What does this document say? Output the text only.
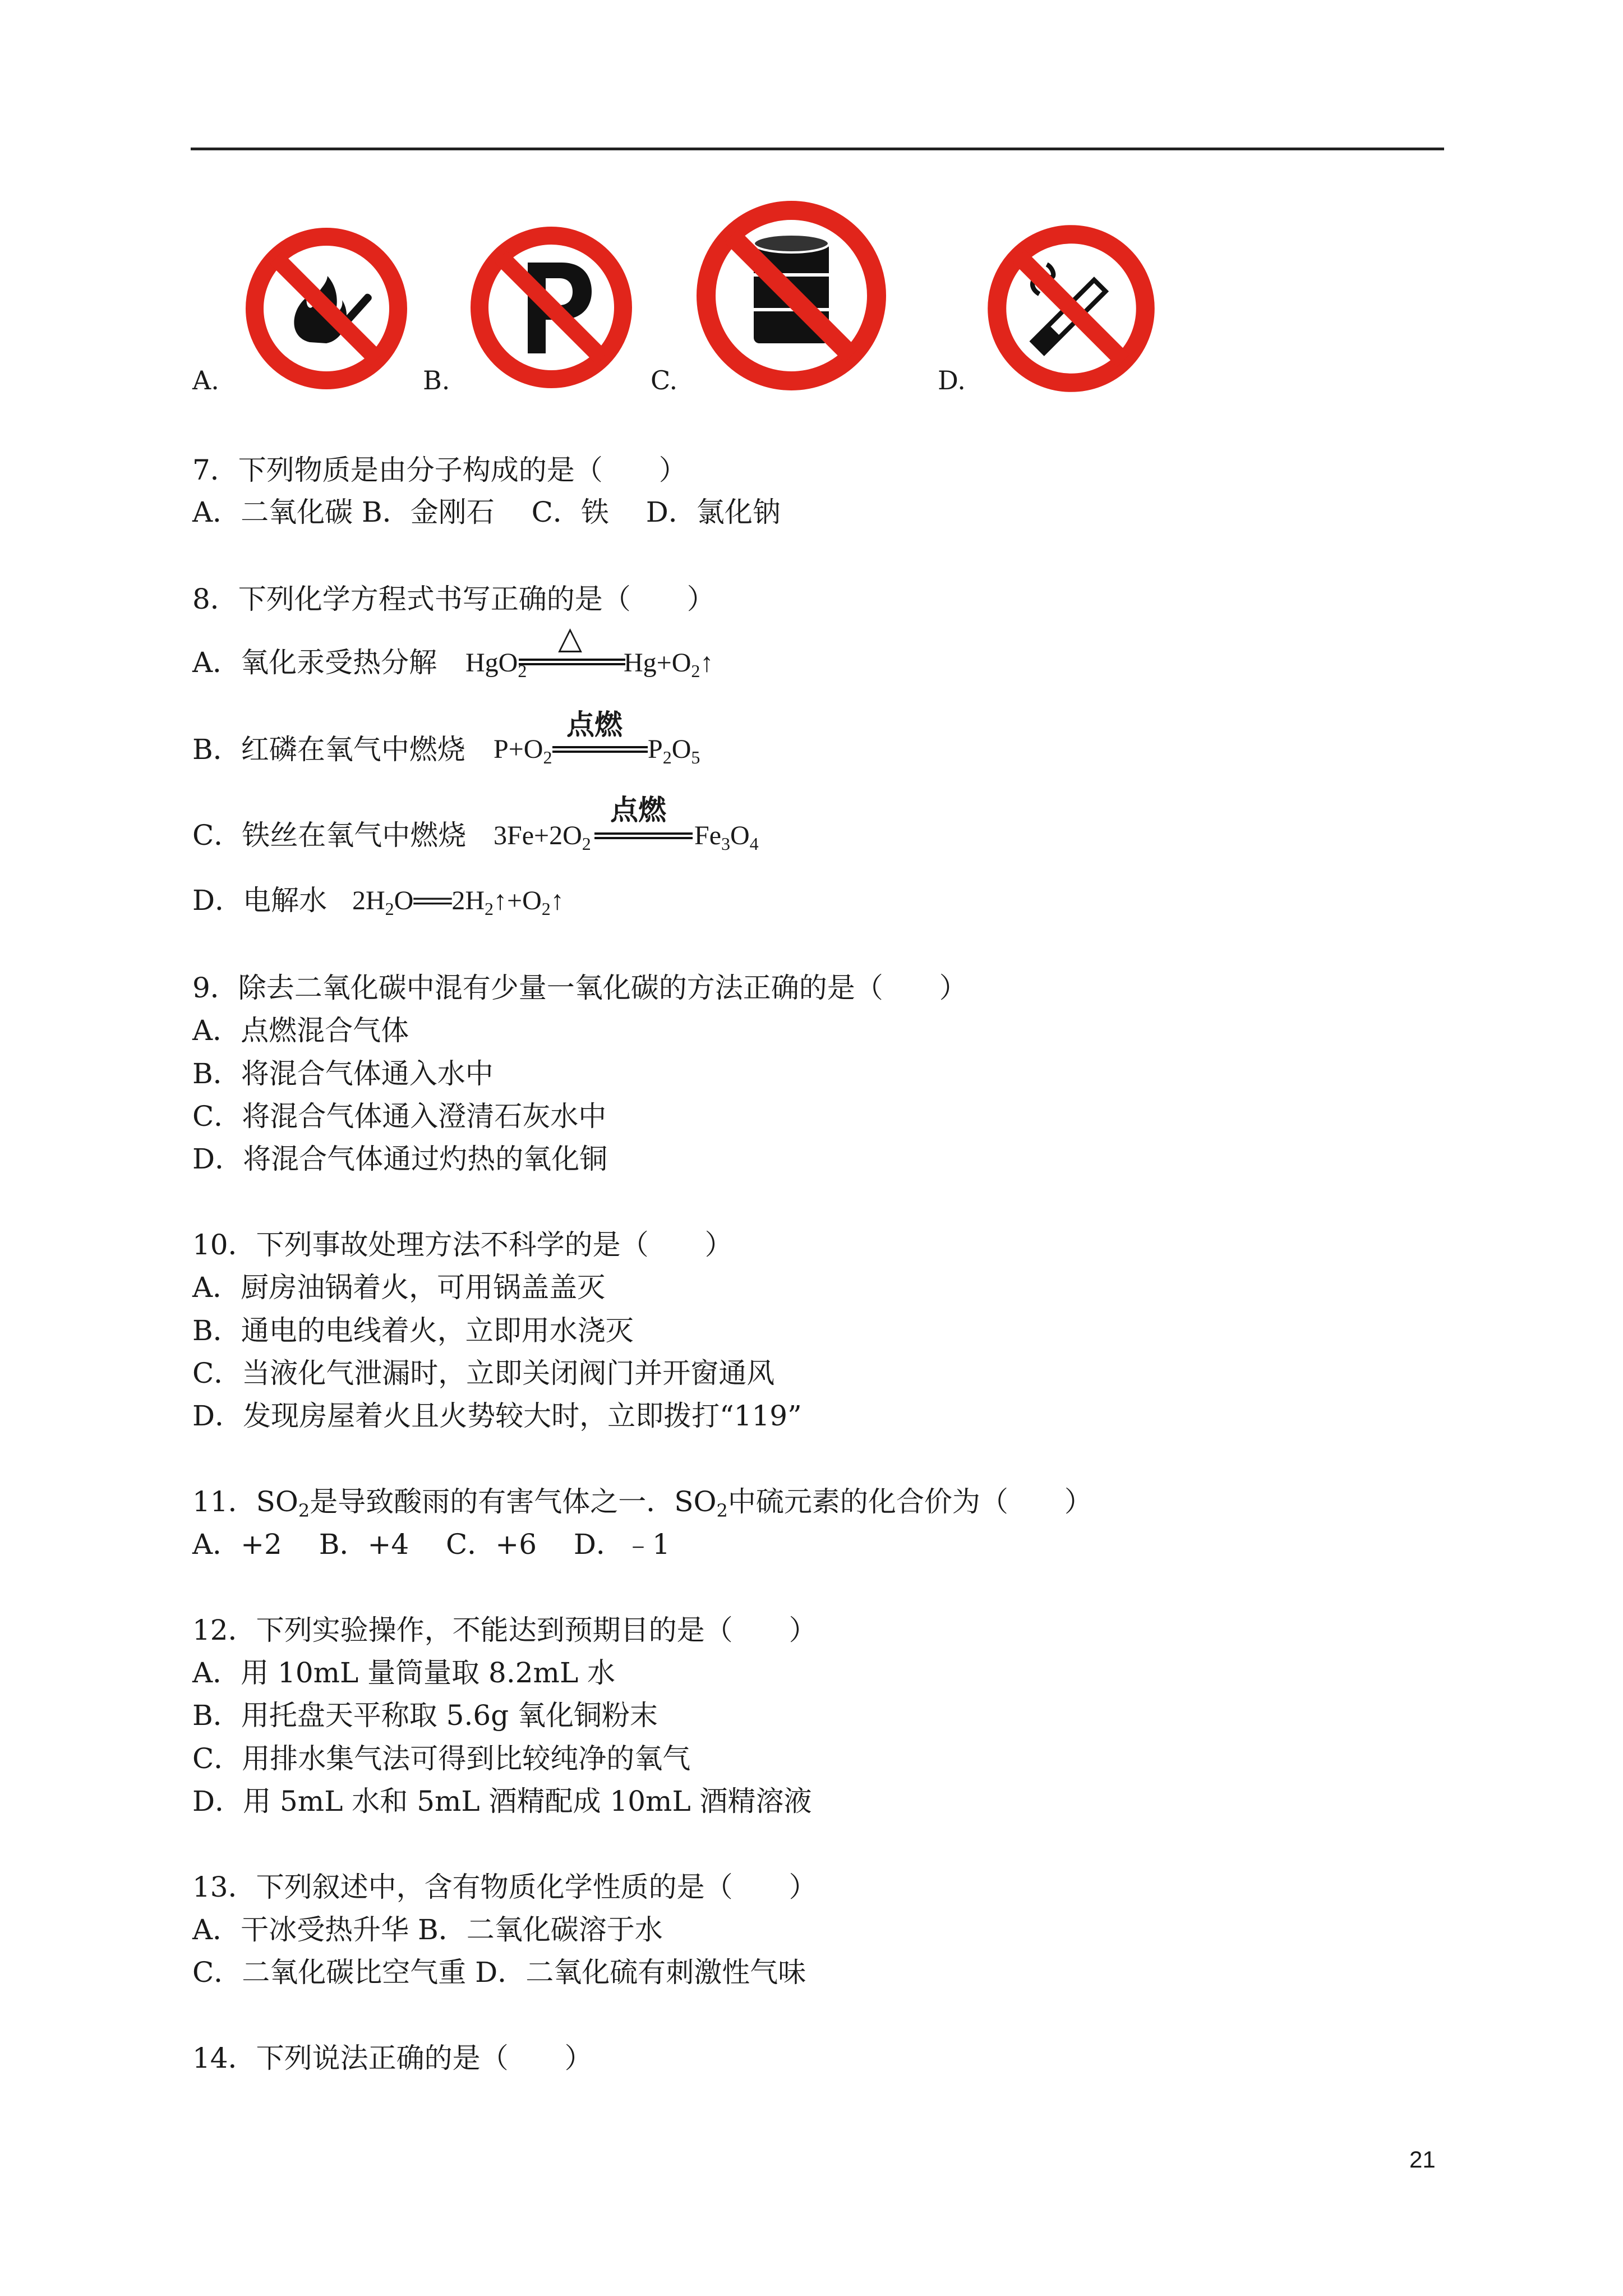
A.	B.	C.	D.
7．下列物质是由分子构成的是（　　）
A．二氧化碳 B．金刚石　 C．铁　 D．氯化钠
8．下列化学方程式书写正确的是（　　）
A．氧化汞受热分解 HgO$_2$
△
$Hg+O_2↑$
B．红磷在氧气中燃烧 $P+O_2$
点燃
$P_2O_5$
C．铁丝在氧气中燃烧 $3Fe+2O_2$
点燃
$Fe_3O_4$
D．电解水 $2H_2O══2H_2↑+O_2↑$
9．除去二氧化碳中混有少量一氧化碳的方法正确的是（　　）
A．点燃混合气体
B．将混合气体通入水中
C．将混合气体通入澄清石灰水中
D．将混合气体通过灼热的氧化铜
10．下列事故处理方法不科学的是（　　）
A．厨房油锅着火，可用锅盖盖灭
B．通电的电线着火，立即用水浇灭
C．当液化气泄漏时，立即关闭阀门并开窗通风
D．发现房屋着火且火势较大时，立即拨打“119”
11．$SO_2$是导致酸雨的有害气体之一．$SO_2$中硫元素的化合价为（　　）
A．+2　 B．+4　 C．+6　 D．﹣1
12．下列实验操作，不能达到预期目的是（　　）
A．用 10mL 量筒量取 8.2mL 水
B．用托盘天平称取 5.6g 氧化铜粉末
C．用排水集气法可得到比较纯净的氧气
D．用 5mL 水和 5mL 酒精配成 10mL 酒精溶液
13．下列叙述中，含有物质化学性质的是（　　）
A．干冰受热升华 B．二氧化碳溶于水
C．二氧化碳比空气重 D．二氧化硫有刺激性气味
14．下列说法正确的是（　　）
21
